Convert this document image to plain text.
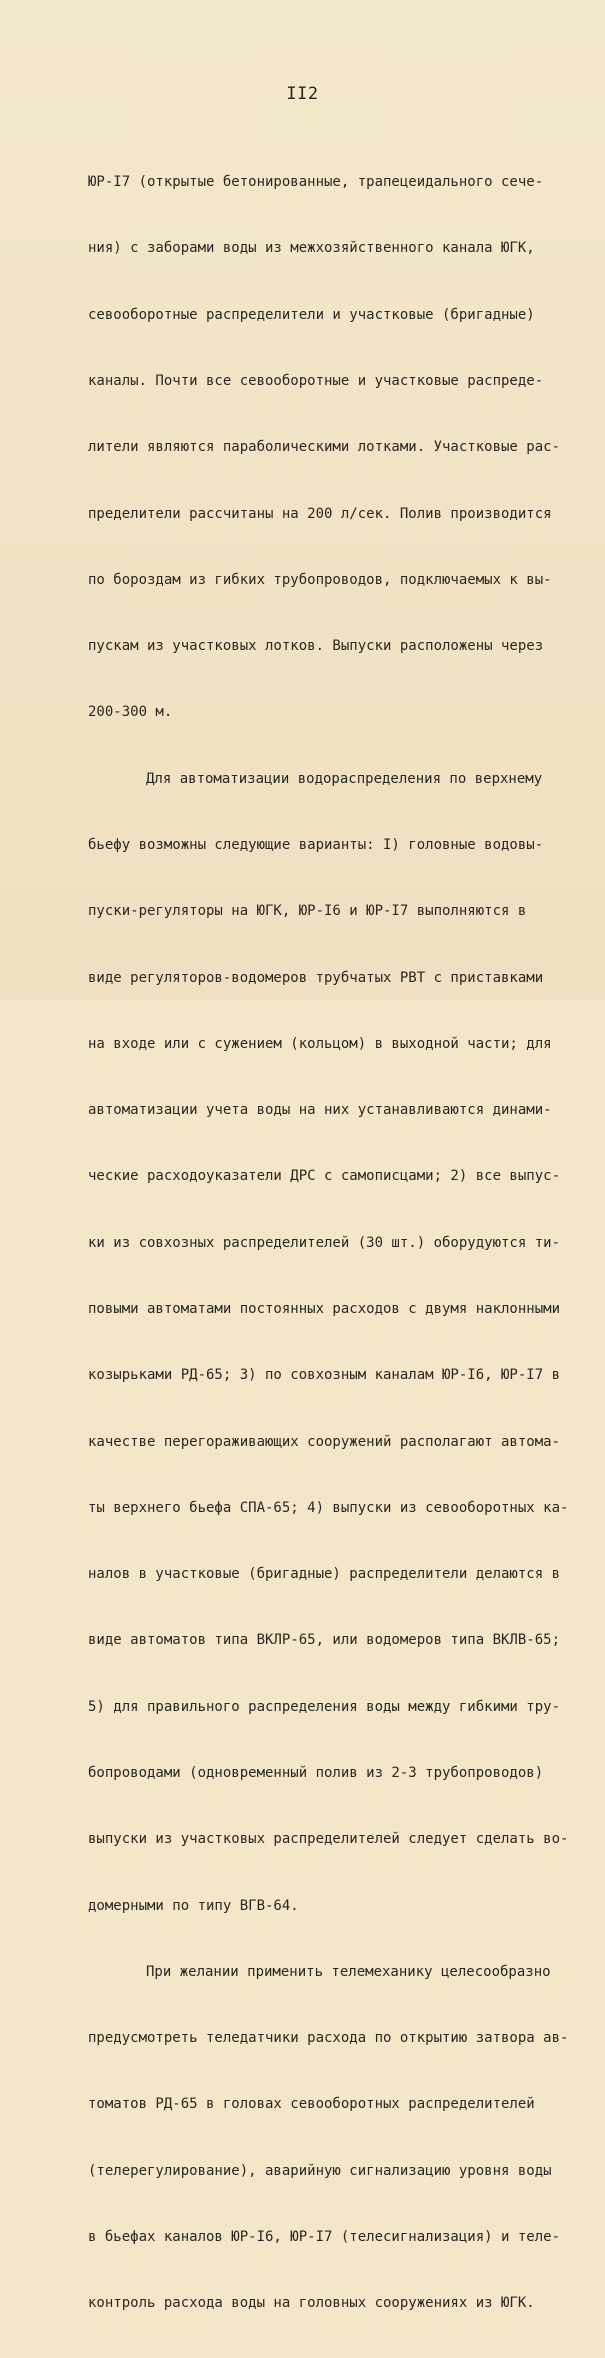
II2

ЮР-I7 (открытые бетонированные, трапецеидального сече-

ния) с заборами воды из межхозяйственного канала ЮГК,

севооборотные распределители и участковые (бригадные)

каналы. Почти все севооборотные и участковые распреде-

лители являются параболическими лотками. Участковые рас-

пределители рассчитаны на 200 л/сек. Полив производится

по бороздам из гибких трубопроводов, подключаемых к вы-

пускам из участковых лотков. Выпуски расположены через

200-300 м.

Для автоматизации водораспределения по верхнему

бьефу возможны следующие варианты: I) головные водовы-

пуски-регуляторы на ЮГК, ЮР-I6 и ЮР-I7 выполняются в

виде регуляторов-водомеров трубчатых РВТ с приставками

на входе или с сужением (кольцом) в выходной части; для

автоматизации учета воды на них устанавливаются динами-

ческие расходоуказатели ДРС с самописцами; 2) все выпус-

ки из совхозных распределителей (30 шт.) оборудуются ти-

повыми автоматами постоянных расходов с двумя наклонными

козырьками РД-65; 3) по совхозным каналам ЮР-I6, ЮР-I7 в

качестве перегораживающих сооружений располагают автома-

ты верхнего бьефа СПА-65; 4) выпуски из севооборотных ка-

налов в участковые (бригадные) распределители делаются в

виде автоматов типа ВКЛР-65, или водомеров типа ВКЛВ-65;

5) для правильного распределения воды между гибкими тру-

бопроводами (одновременный полив из 2-3 трубопроводов)

выпуски из участковых распределителей следует сделать во-

домерными по типу ВГВ-64.

При желании применить телемеханику целесообразно

предусмотреть теледатчики расхода по открытию затвора ав-

томатов РД-65 в головах севооборотных распределителей

(телерегулирование), аварийную сигнализацию уровня воды

в бьефах каналов ЮР-I6, ЮР-I7 (телесигнализация) и теле-

контроль расхода воды на головных сооружениях из ЮГК.
